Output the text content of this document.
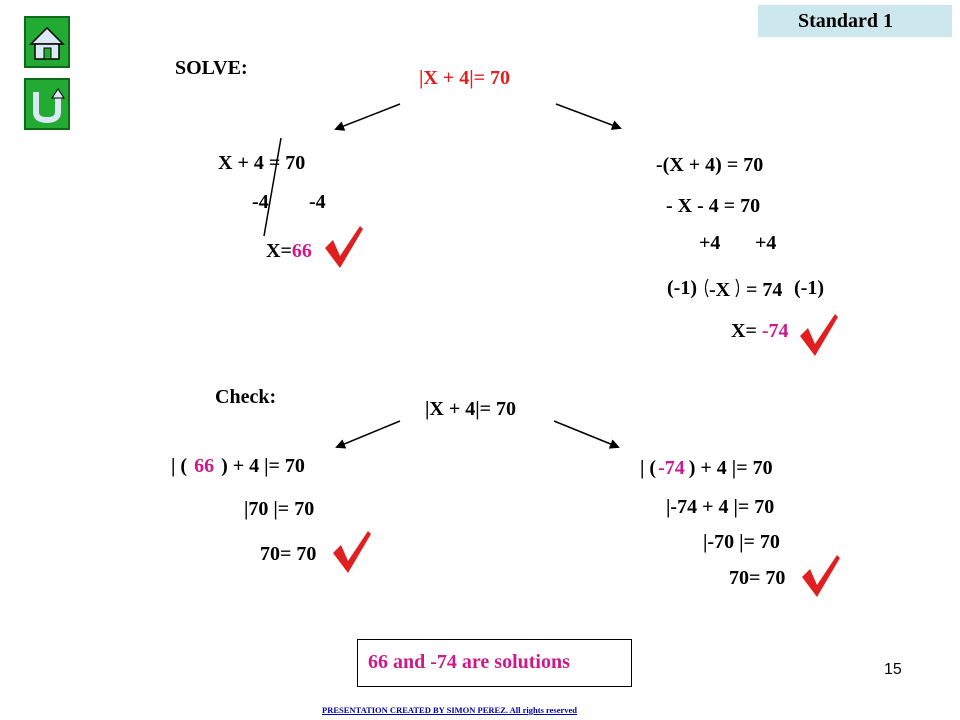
Standard 1
SOLVE:	|X + 4|= 70
X + 4 = 70
-4 -4
X=66
-(X + 4) = 70
- X - 4 = 70
+4 +4
(-1) -X = 74 (-1)
X= -74
Check:
|X + 4|= 70
| ( 66 ) + 4 |= 70
|70 |= 70
70= 70
| ( -74 ) + 4 |= 70
|-74 + 4 |= 70
|-70 |= 70
70= 70
66 and -74 are solutions	15
PRESENTATION CREATED BY SIMON PEREZ. All rights reserved
